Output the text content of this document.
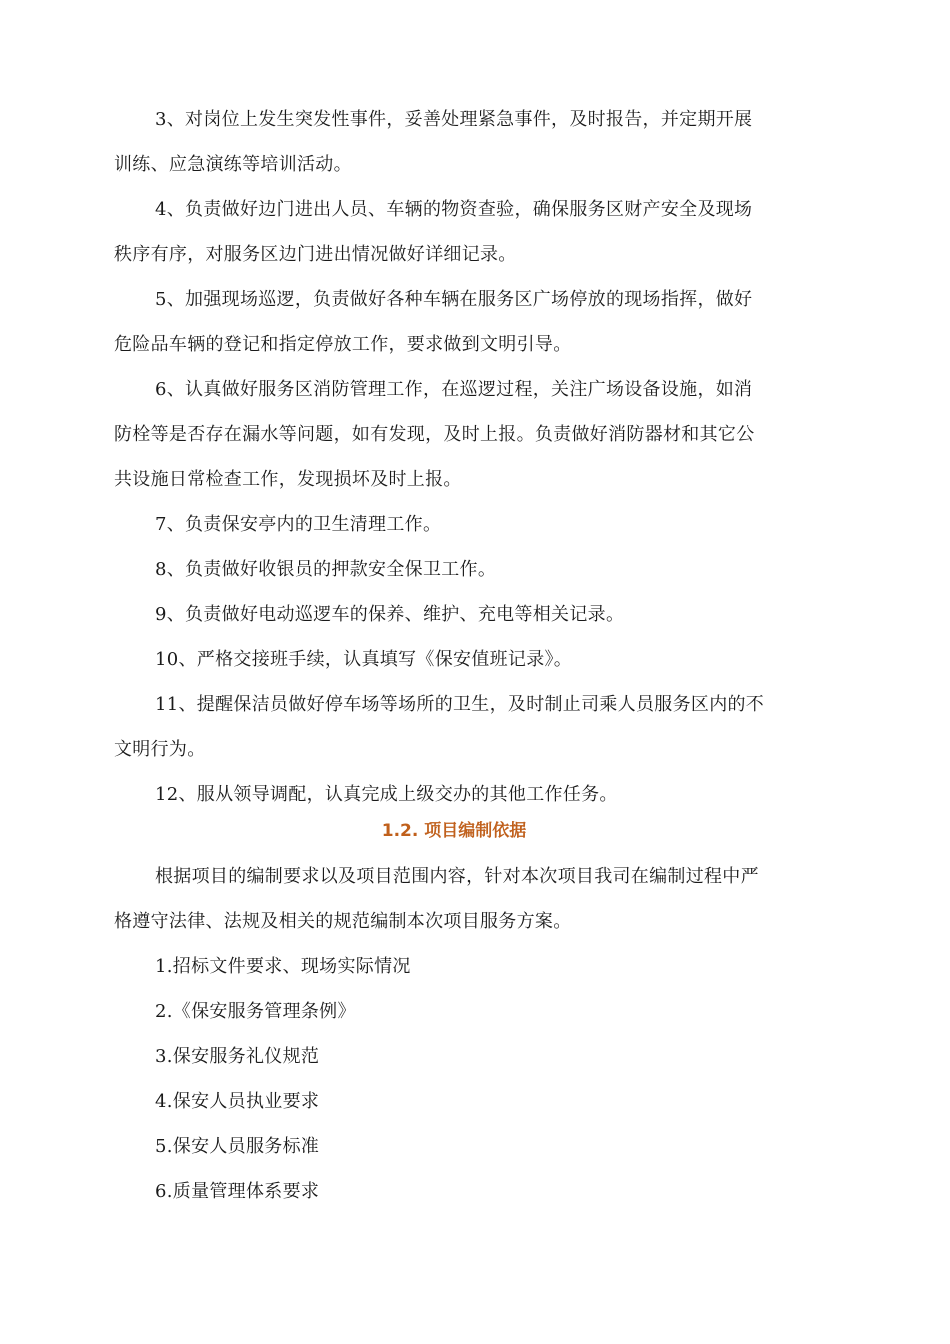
3、对岗位上发生突发性事件，妥善处理紧急事件，及时报告，并定期开展
训练、应急演练等培训活动。
4、负责做好边门进出人员、车辆的物资查验，确保服务区财产安全及现场
秩序有序，对服务区边门进出情况做好详细记录。
5、加强现场巡逻，负责做好各种车辆在服务区广场停放的现场指挥，做好
危险品车辆的登记和指定停放工作，要求做到文明引导。
6、认真做好服务区消防管理工作，在巡逻过程，关注广场设备设施，如消
防栓等是否存在漏水等问题，如有发现，及时上报。负责做好消防器材和其它公
共设施日常检查工作，发现损坏及时上报。
7、负责保安亭内的卫生清理工作。
8、负责做好收银员的押款安全保卫工作。
9、负责做好电动巡逻车的保养、维护、充电等相关记录。
10、严格交接班手续，认真填写《保安值班记录》。
11、提醒保洁员做好停车场等场所的卫生，及时制止司乘人员服务区内的不
文明行为。
12、服从领导调配，认真完成上级交办的其他工作任务。
1.2. 项目编制依据
根据项目的编制要求以及项目范围内容，针对本次项目我司在编制过程中严
格遵守法律、法规及相关的规范编制本次项目服务方案。
1.招标文件要求、现场实际情况
2.《保安服务管理条例》
3.保安服务礼仪规范
4.保安人员执业要求
5.保安人员服务标准
6.质量管理体系要求
